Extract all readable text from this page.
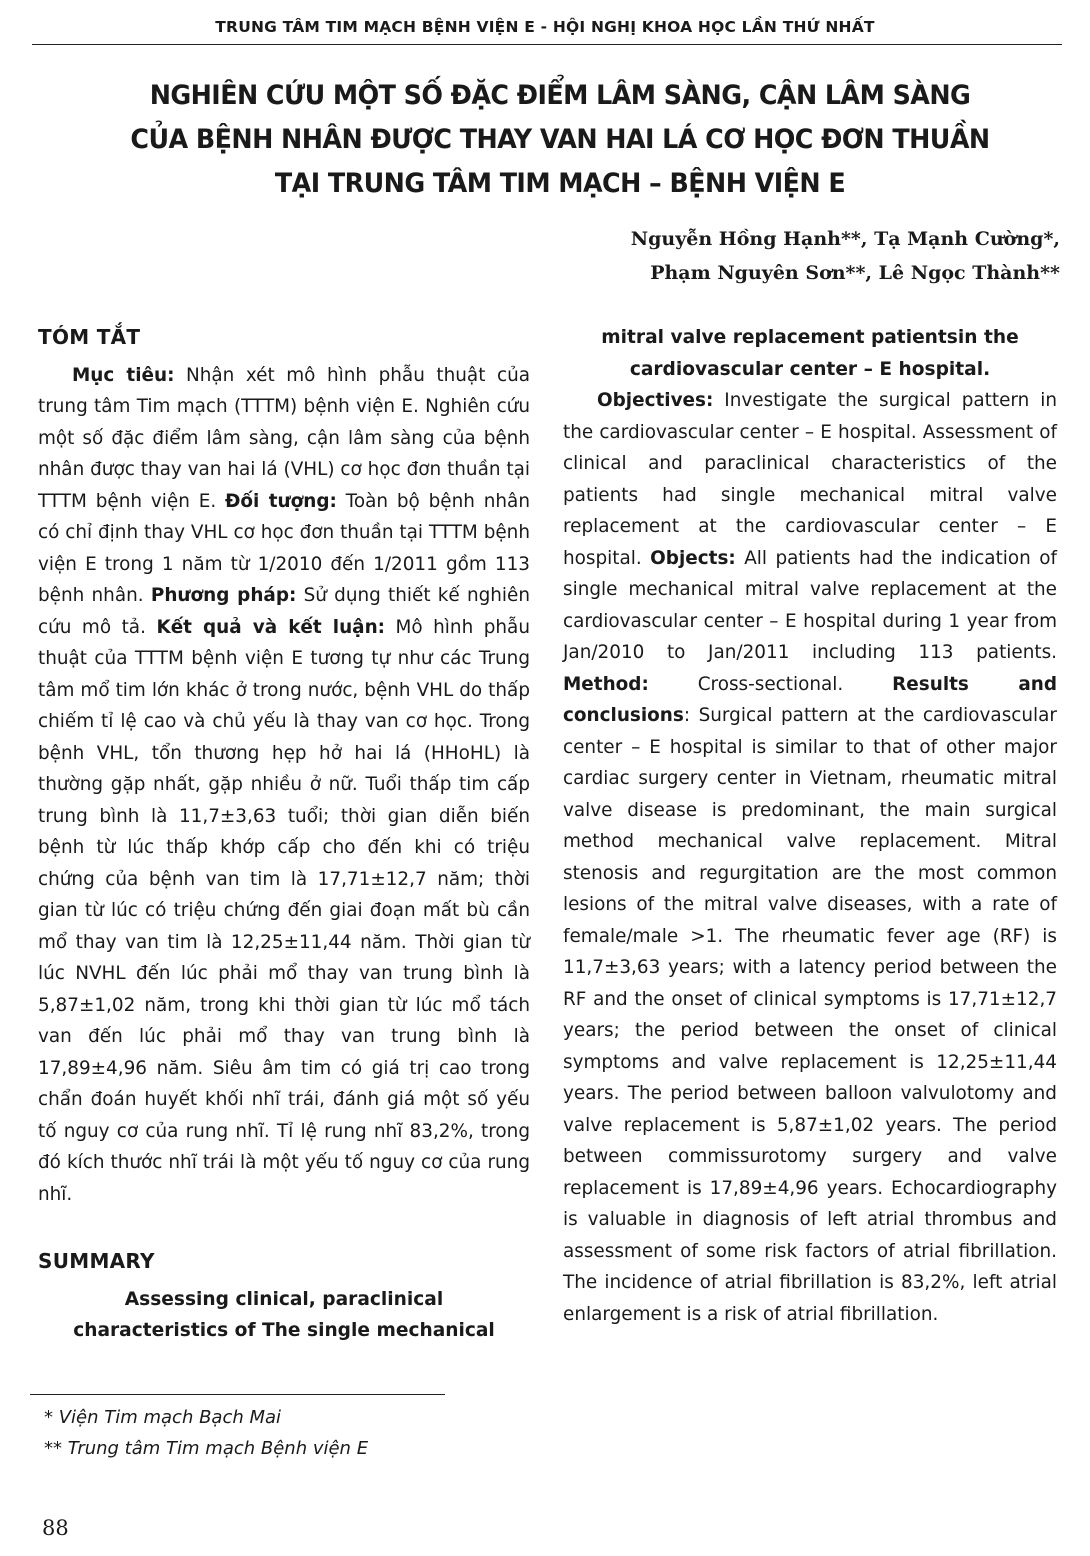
TRUNG TÂM TIM MẠCH BỆNH VIỆN E - HỘI NGHỊ KHOA HỌC LẦN THỨ NHẤT
NGHIÊN CỨU MỘT SỐ ĐẶC ĐIỂM LÂM SÀNG, CẬN LÂM SÀNG
CỦA BỆNH NHÂN ĐƯỢC THAY VAN HAI LÁ CƠ HỌC ĐƠN THUẦN
TẠI TRUNG TÂM TIM MẠCH – BỆNH VIỆN E
Nguyễn Hồng Hạnh**, Tạ Mạnh Cường*,
Phạm Nguyên Sơn**, Lê Ngọc Thành**
TÓM TẮT

Mục tiêu: Nhận xét mô hình phẫu thuật của trung tâm Tim mạch (TTTM) bệnh viện E. Nghiên cứu một số đặc điểm lâm sàng, cận lâm sàng của bệnh nhân được thay van hai lá (VHL) cơ học đơn thuần tại TTTM bệnh viện E. Đối tượng: Toàn bộ bệnh nhân có chỉ định thay VHL cơ học đơn thuần tại TTTM bệnh viện E trong 1 năm từ 1/2010 đến 1/2011 gồm 113 bệnh nhân. Phương pháp: Sử dụng thiết kế nghiên cứu mô tả. Kết quả và kết luận: Mô hình phẫu thuật của TTTM bệnh viện E tương tự như các Trung tâm mổ tim lớn khác ở trong nước, bệnh VHL do thấp chiếm tỉ lệ cao và chủ yếu là thay van cơ học. Trong bệnh VHL, tổn thương hẹp hở hai lá (HHoHL) là thường gặp nhất, gặp nhiều ở nữ. Tuổi thấp tim cấp trung bình là 11,7±3,63 tuổi; thời gian diễn biến bệnh từ lúc thấp khớp cấp cho đến khi có triệu chứng của bệnh van tim là 17,71±12,7 năm; thời gian từ lúc có triệu chứng đến giai đoạn mất bù cần mổ thay van tim là 12,25±11,44 năm. Thời gian từ lúc NVHL đến lúc phải mổ thay van trung bình là 5,87±1,02 năm, trong khi thời gian từ lúc mổ tách van đến lúc phải mổ thay van trung bình là 17,89±4,96 năm. Siêu âm tim có giá trị cao trong chẩn đoán huyết khối nhĩ trái, đánh giá một số yếu tố nguy cơ của rung nhĩ. Tỉ lệ rung nhĩ 83,2%, trong đó kích thước nhĩ trái là một yếu tố nguy cơ của rung nhĩ.

SUMMARY

Assessing clinical, paraclinical

characteristics of The single mechanical

mitral valve replacement patientsin the

cardiovascular center – E hospital.

Objectives: Investigate the surgical pattern in the cardiovascular center – E hospital. Assessment of clinical and paraclinical characteristics of the patients had single mechanical mitral valve replacement at the cardiovascular center – E hospital. Objects: All patients had the indication of single mechanical mitral valve replacement at the cardiovascular center – E hospital during 1 year from Jan/2010 to Jan/2011 including 113 patients. Method: Cross-sectional. Results and conclusions: Surgical pattern at the cardiovascular center – E hospital is similar to that of other major cardiac surgery center in Vietnam, rheumatic mitral valve disease is predominant, the main surgical method mechanical valve replacement. Mitral stenosis and regurgitation are the most common lesions of the mitral valve diseases, with a rate of female/male >1. The rheumatic fever age (RF) is 11,7±3,63 years; with a latency period between the RF and the onset of clinical symptoms is 17,71±12,7 years; the period between the onset of clinical symptoms and valve replacement is 12,25±11,44 years. The period between balloon valvulotomy and valve replacement is 5,87±1,02 years. The period between commissurotomy surgery and valve replacement is 17,89±4,96 years. Echocardiography is valuable in diagnosis of left atrial thrombus and assessment of some risk factors of atrial fibrillation. The incidence of atrial fibrillation is 83,2%, left atrial enlargement is a risk of atrial fibrillation.

* Viện Tim mạch Bạch Mai
** Trung tâm Tim mạch Bệnh viện E
88
